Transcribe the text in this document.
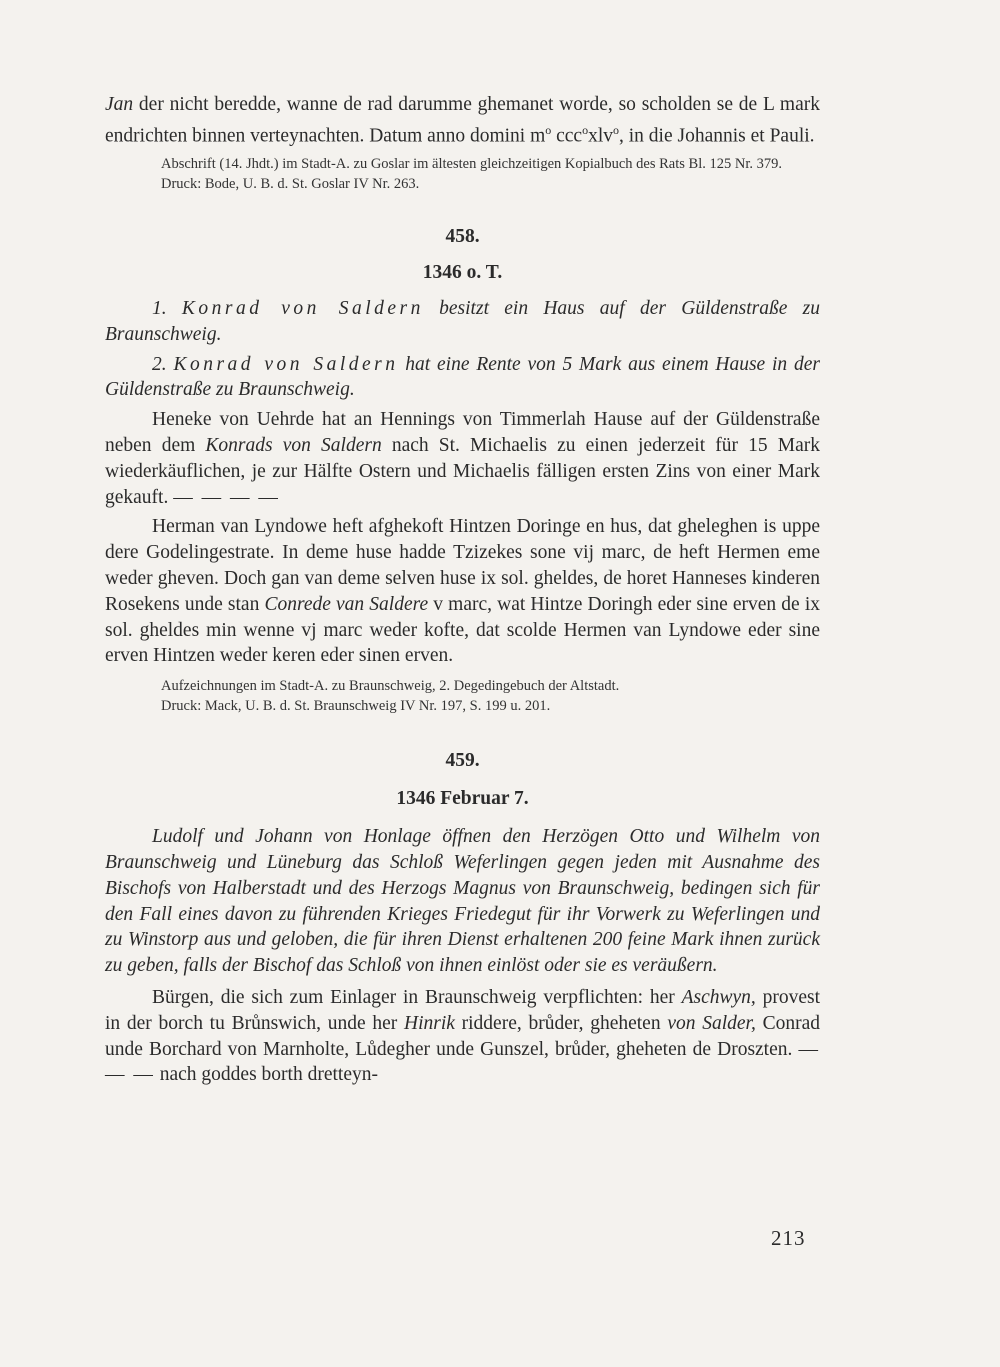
Jan der nicht beredde, wanne de rad darumme ghemanet worde, so scholden se de L mark endrichten binnen verteynachten. Datum anno domini $m^o$ ccc$^o$xlv$^o$, in die Johannis et Pauli.

Abschrift (14. Jhdt.) im Stadt-A. zu Goslar im ältesten gleichzeitigen Kopialbuch des Rats Bl. 125 Nr. 379.

Druck: Bode, U. B. d. St. Goslar IV Nr. 263.

458.

1346 o. T.

1. Konrad von Saldern besitzt ein Haus auf der Güldenstraße zu Braunschweig.

2. Konrad von Saldern hat eine Rente von 5 Mark aus einem Hause in der Güldenstraße zu Braunschweig.

Heneke von Uehrde hat an Hennings von Timmerlah Hause auf der Güldenstraße neben dem Konrads von Saldern nach St. Michaelis zu einen jederzeit für 15 Mark wiederkäuflichen, je zur Hälfte Ostern und Michaelis fälligen ersten Zins von einer Mark gekauft. — — — —

Herman van Lyndowe heft afghekoft Hintzen Doringe en hus, dat gheleghen is uppe dere Godelingestrate. In deme huse hadde Tzizekes sone vij marc, de heft Hermen eme weder gheven. Doch gan van deme selven huse ix sol. gheldes, de horet Hanneses kinderen Rosekens unde stan Conrede van Saldere v marc, wat Hintze Doringh eder sine erven de ix sol. gheldes min wenne vj marc weder kofte, dat scolde Hermen van Lyndowe eder sine erven Hintzen weder keren eder sinen erven.

Aufzeichnungen im Stadt-A. zu Braunschweig, 2. Degedingebuch der Altstadt.

Druck: Mack, U. B. d. St. Braunschweig IV Nr. 197, S. 199 u. 201.

459.

1346 Februar 7.

Ludolf und Johann von Honlage öffnen den Herzögen Otto und Wilhelm von Braunschweig und Lüneburg das Schloß Weferlingen gegen jeden mit Ausnahme des Bischofs von Halberstadt und des Herzogs Magnus von Braunschweig, bedingen sich für den Fall eines davon zu führenden Krieges Friedegut für ihr Vorwerk zu Weferlingen und zu Winstorp aus und geloben, die für ihren Dienst erhaltenen 200 feine Mark ihnen zurück zu geben, falls der Bischof das Schloß von ihnen einlöst oder sie es veräußern.

Bürgen, die sich zum Einlager in Braunschweig verpflichten: her Aschwyn, provest in der borch tu Brůnswich, unde her Hinrik riddere, brůder, gheheten von Salder, Conrad unde Borchard von Marnholte, Lůdegher unde Gunszel, brůder, gheheten de Droszten. — — — nach goddes borth dretteyn-

213
